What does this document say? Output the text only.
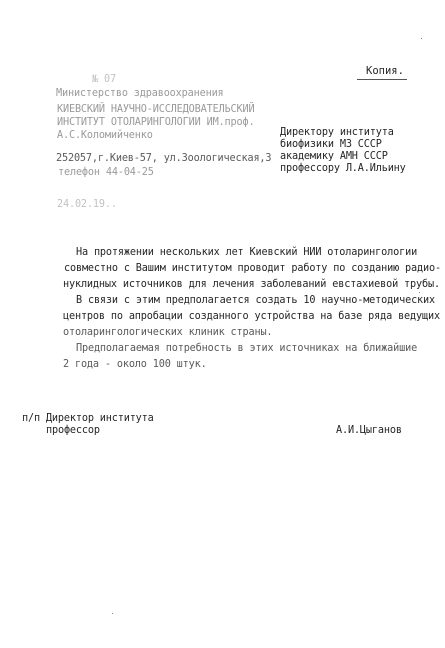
Копия.
№ 07
Министерство здравоохранения
КИЕВСКИЙ НАУЧНО-ИССЛЕДОВАТЕЛЬСКИЙ
ИНСТИТУТ ОТОЛАРИНГОЛОГИИ ИМ.проф.
А.С.Коломийченко
252057,г.Киев-57, ул.Зоологическая,3
телефон 44-04-25
24.02.19..
Директору института
биофизики МЗ СССР
академику АМН СССР
профессору Л.А.Ильину
На протяжении нескольких лет Киевский НИИ отоларингологии
совместно с Вашим институтом проводит работу по созданию радио-
нуклидных источников для лечения заболеваний евстахиевой трубы.
В связи с этим предполагается создать 10 научно-методических
центров по апробации созданного устройства на базе ряда ведущих
отоларингологических клиник страны.
Предполагаемая потребность в этих источниках на ближайшие
2 года - около 100 штук.
п/п Директор института
профессор	А.И.Цыганов
